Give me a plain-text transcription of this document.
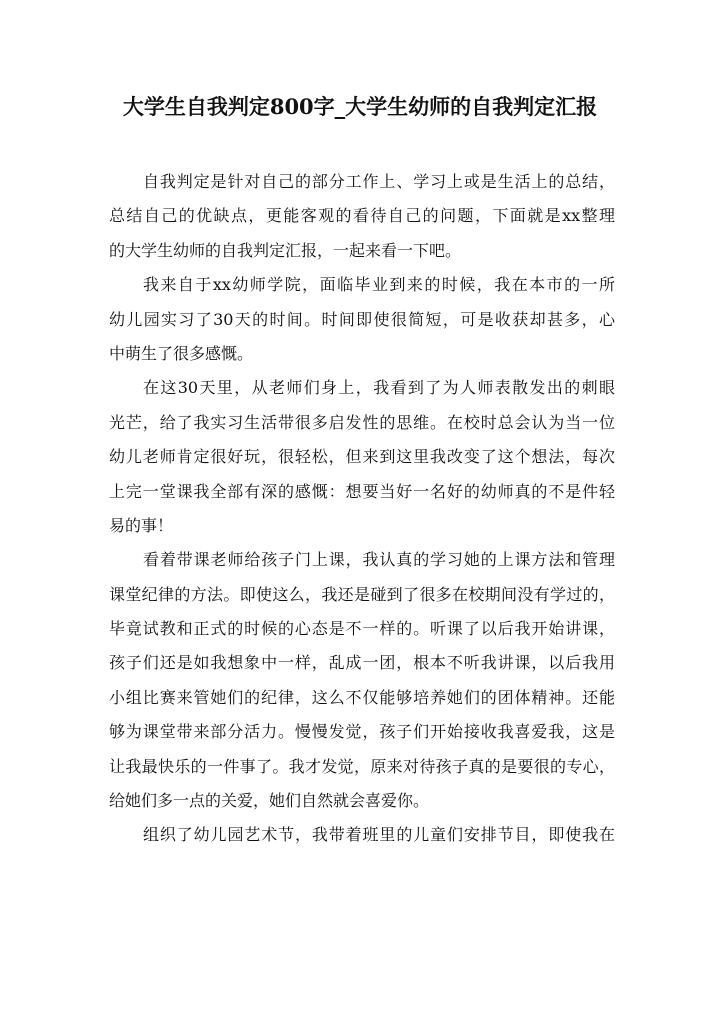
大学生自我判定800字_大学生幼师的自我判定汇报

自我判定是针对自己的部分工作上、学习上或是生活上的总结，
总结自己的优缺点，更能客观的看待自己的问题，下面就是xx整理
的大学生幼师的自我判定汇报，一起来看一下吧。

我来自于xx幼师学院，面临毕业到来的时候，我在本市的一所
幼儿园实习了30天的时间。时间即使很简短，可是收获却甚多，心
中萌生了很多感慨。

在这30天里，从老师们身上，我看到了为人师表散发出的刺眼
光芒，给了我实习生活带很多启发性的思维。在校时总会认为当一位
幼儿老师肯定很好玩，很轻松，但来到这里我改变了这个想法，每次
上完一堂课我全部有深的感慨：想要当好一名好的幼师真的不是件轻
易的事！

看着带课老师给孩子门上课，我认真的学习她的上课方法和管理
课堂纪律的方法。即使这么，我还是碰到了很多在校期间没有学过的，
毕竟试教和正式的时候的心态是不一样的。听课了以后我开始讲课，
孩子们还是如我想象中一样，乱成一团，根本不听我讲课，以后我用
小组比赛来管她们的纪律，这么不仅能够培养她们的团体精神。还能
够为课堂带来部分活力。慢慢发觉，孩子们开始接收我喜爱我，这是
让我最快乐的一件事了。我才发觉，原来对待孩子真的是要很的专心，
给她们多一点的关爱，她们自然就会喜爱你。

组织了幼儿园艺术节，我带着班里的儿童们安排节目，即使我在
